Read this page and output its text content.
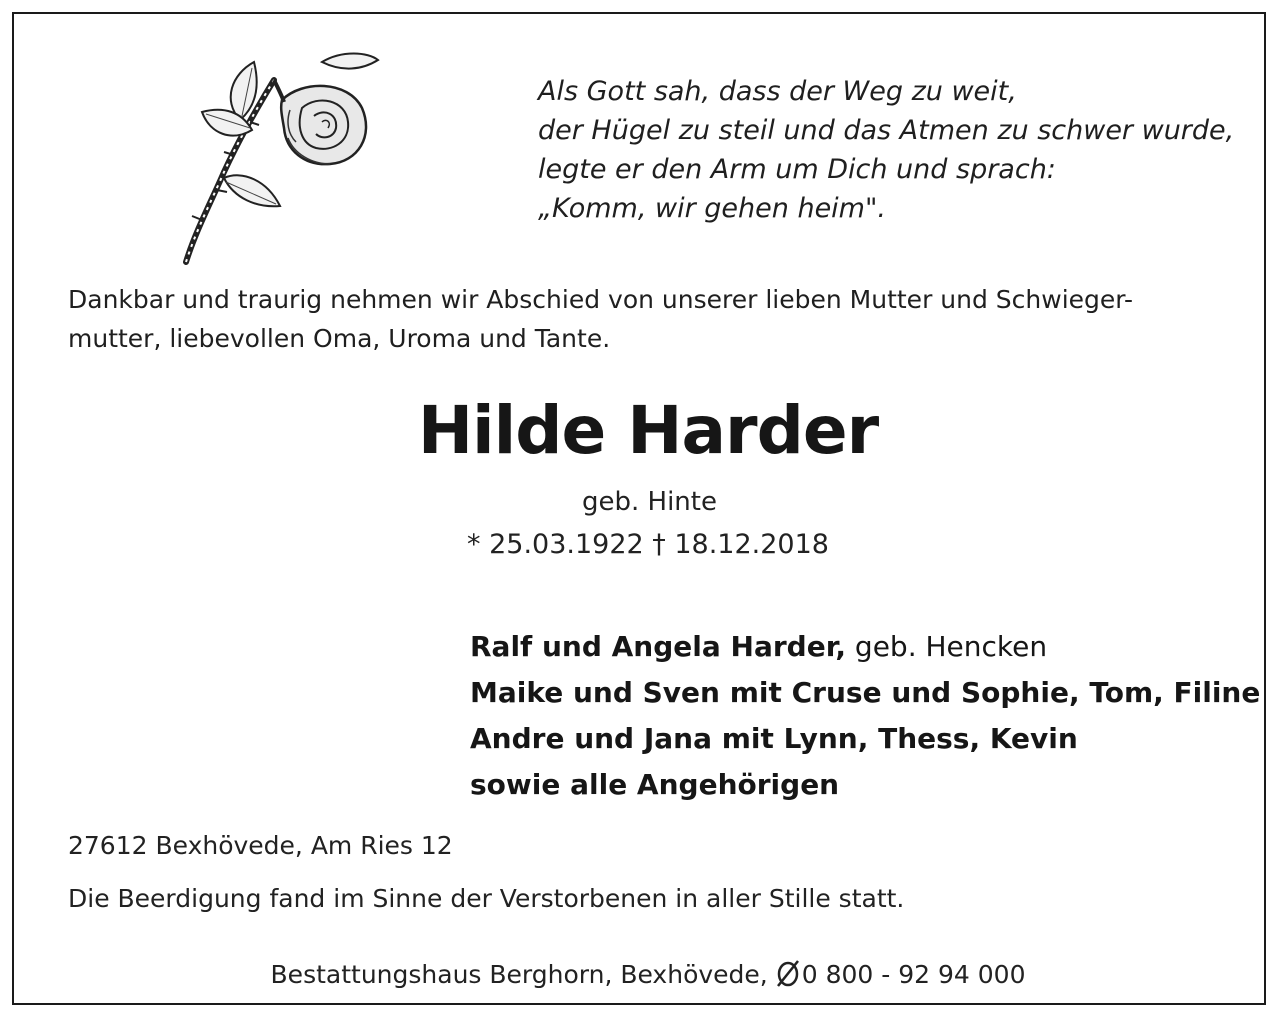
Als Gott sah, dass der Weg zu weit,
der Hügel zu steil und das Atmen zu schwer wurde,
legte er den Arm um Dich und sprach:
„Komm, wir gehen heim".
Dankbar und traurig nehmen wir Abschied von unserer lieben Mutter und Schwieger-
mutter, liebevollen Oma, Uroma und Tante.
Hilde Harder
geb. Hinte
* 25.03.1922 † 18.12.2018
Ralf und Angela Harder, geb. Hencken
Maike und Sven mit Cruse und Sophie, Tom, Filine
Andre und Jana mit Lynn, Thess, Kevin
sowie alle Angehörigen
27612 Bexhövede, Am Ries 12
Die Beerdigung fand im Sinne der Verstorbenen in aller Stille statt.
Bestattungshaus Berghorn, Bexhövede, 0 800 - 92 94 000
